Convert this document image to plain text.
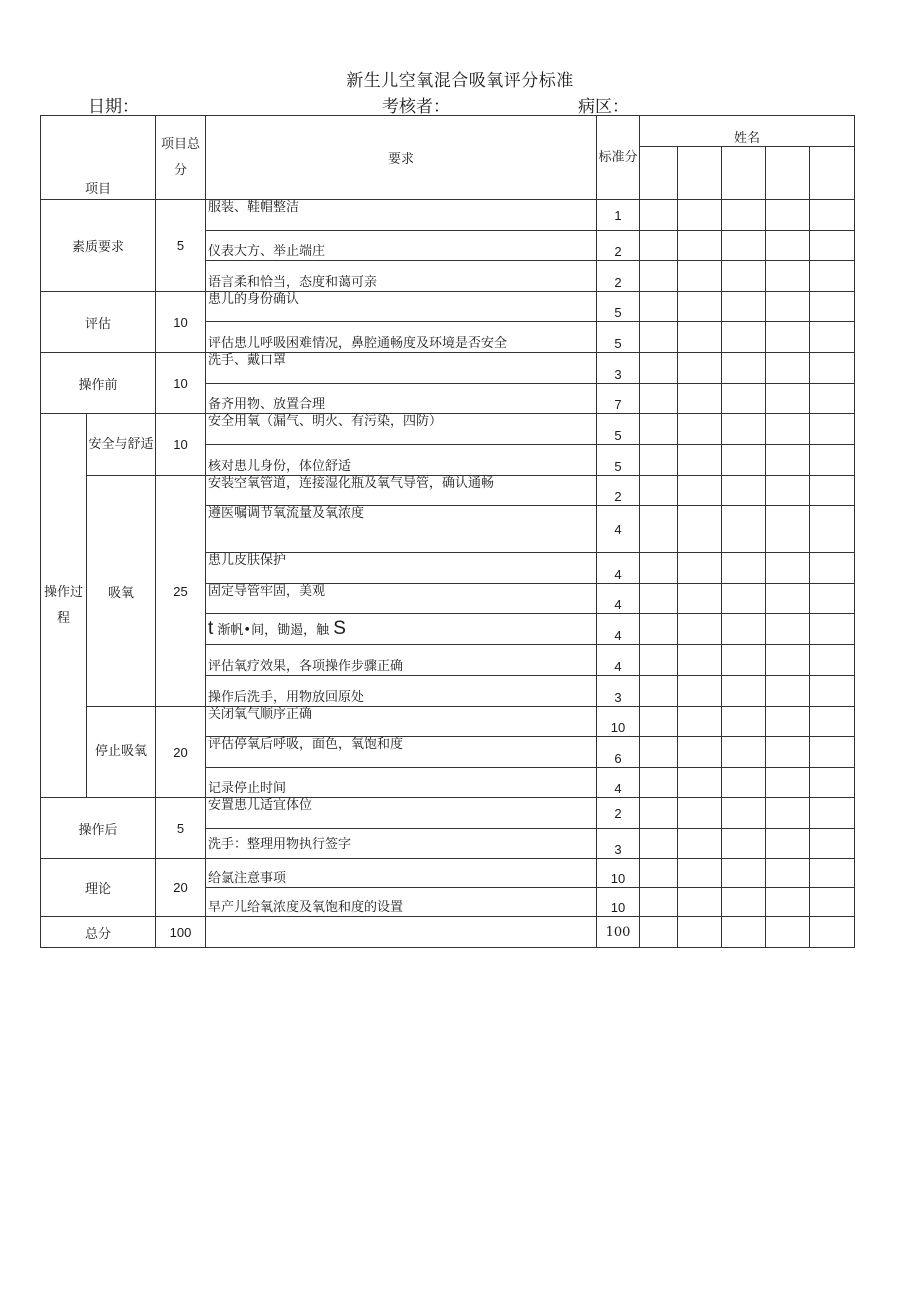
新生儿空氧混合吸氧评分标准
日期：	考核者：	病区：
项目		项目总分	要求	标准分	姓名				

素质要求		5	服装、鞋帽整洁	1					
			仪表大方、举止端庄	2					
			语言柔和恰当，态度和蔼可亲	2					
评估		10	患儿的身份确认	5					
			评估患儿呼吸困难情况，鼻腔通畅度及环境是否安全	5					
操作前		10	洗手、戴口罩	3					
			备齐用物、放置合理	7					
操作过程	安全与舒适	10	安全用氧（漏气、明火、有污染，四防）	5					
			核对患儿身份，体位舒适	5					
	吸氧	25	安装空氧管道，连接湿化瓶及氧气导管，确认通畅	2					
			遵医嘱调节氧流量及氧浓度	4					
			患儿皮肤保护	4					
			固定导管牢固，美观	4					
			t 渐帆•间，锄遏，触 S	4					
			评估氧疗效果，各项操作步骤正确	4					
			操作后洗手，用物放回原处	3					
	停止吸氧	20	关闭氧气顺序正确	10					
			评估停氧后呼吸，面色，氧饱和度	6					
			记录停止时间	4					
操作后		5	安置患儿适宜体位	2					
			洗手：整理用物执行签字	3					
理论		20	给氯注意事项	10					
			早产儿给氧浓度及氧饱和度的设置	10					
总分		100		100					
